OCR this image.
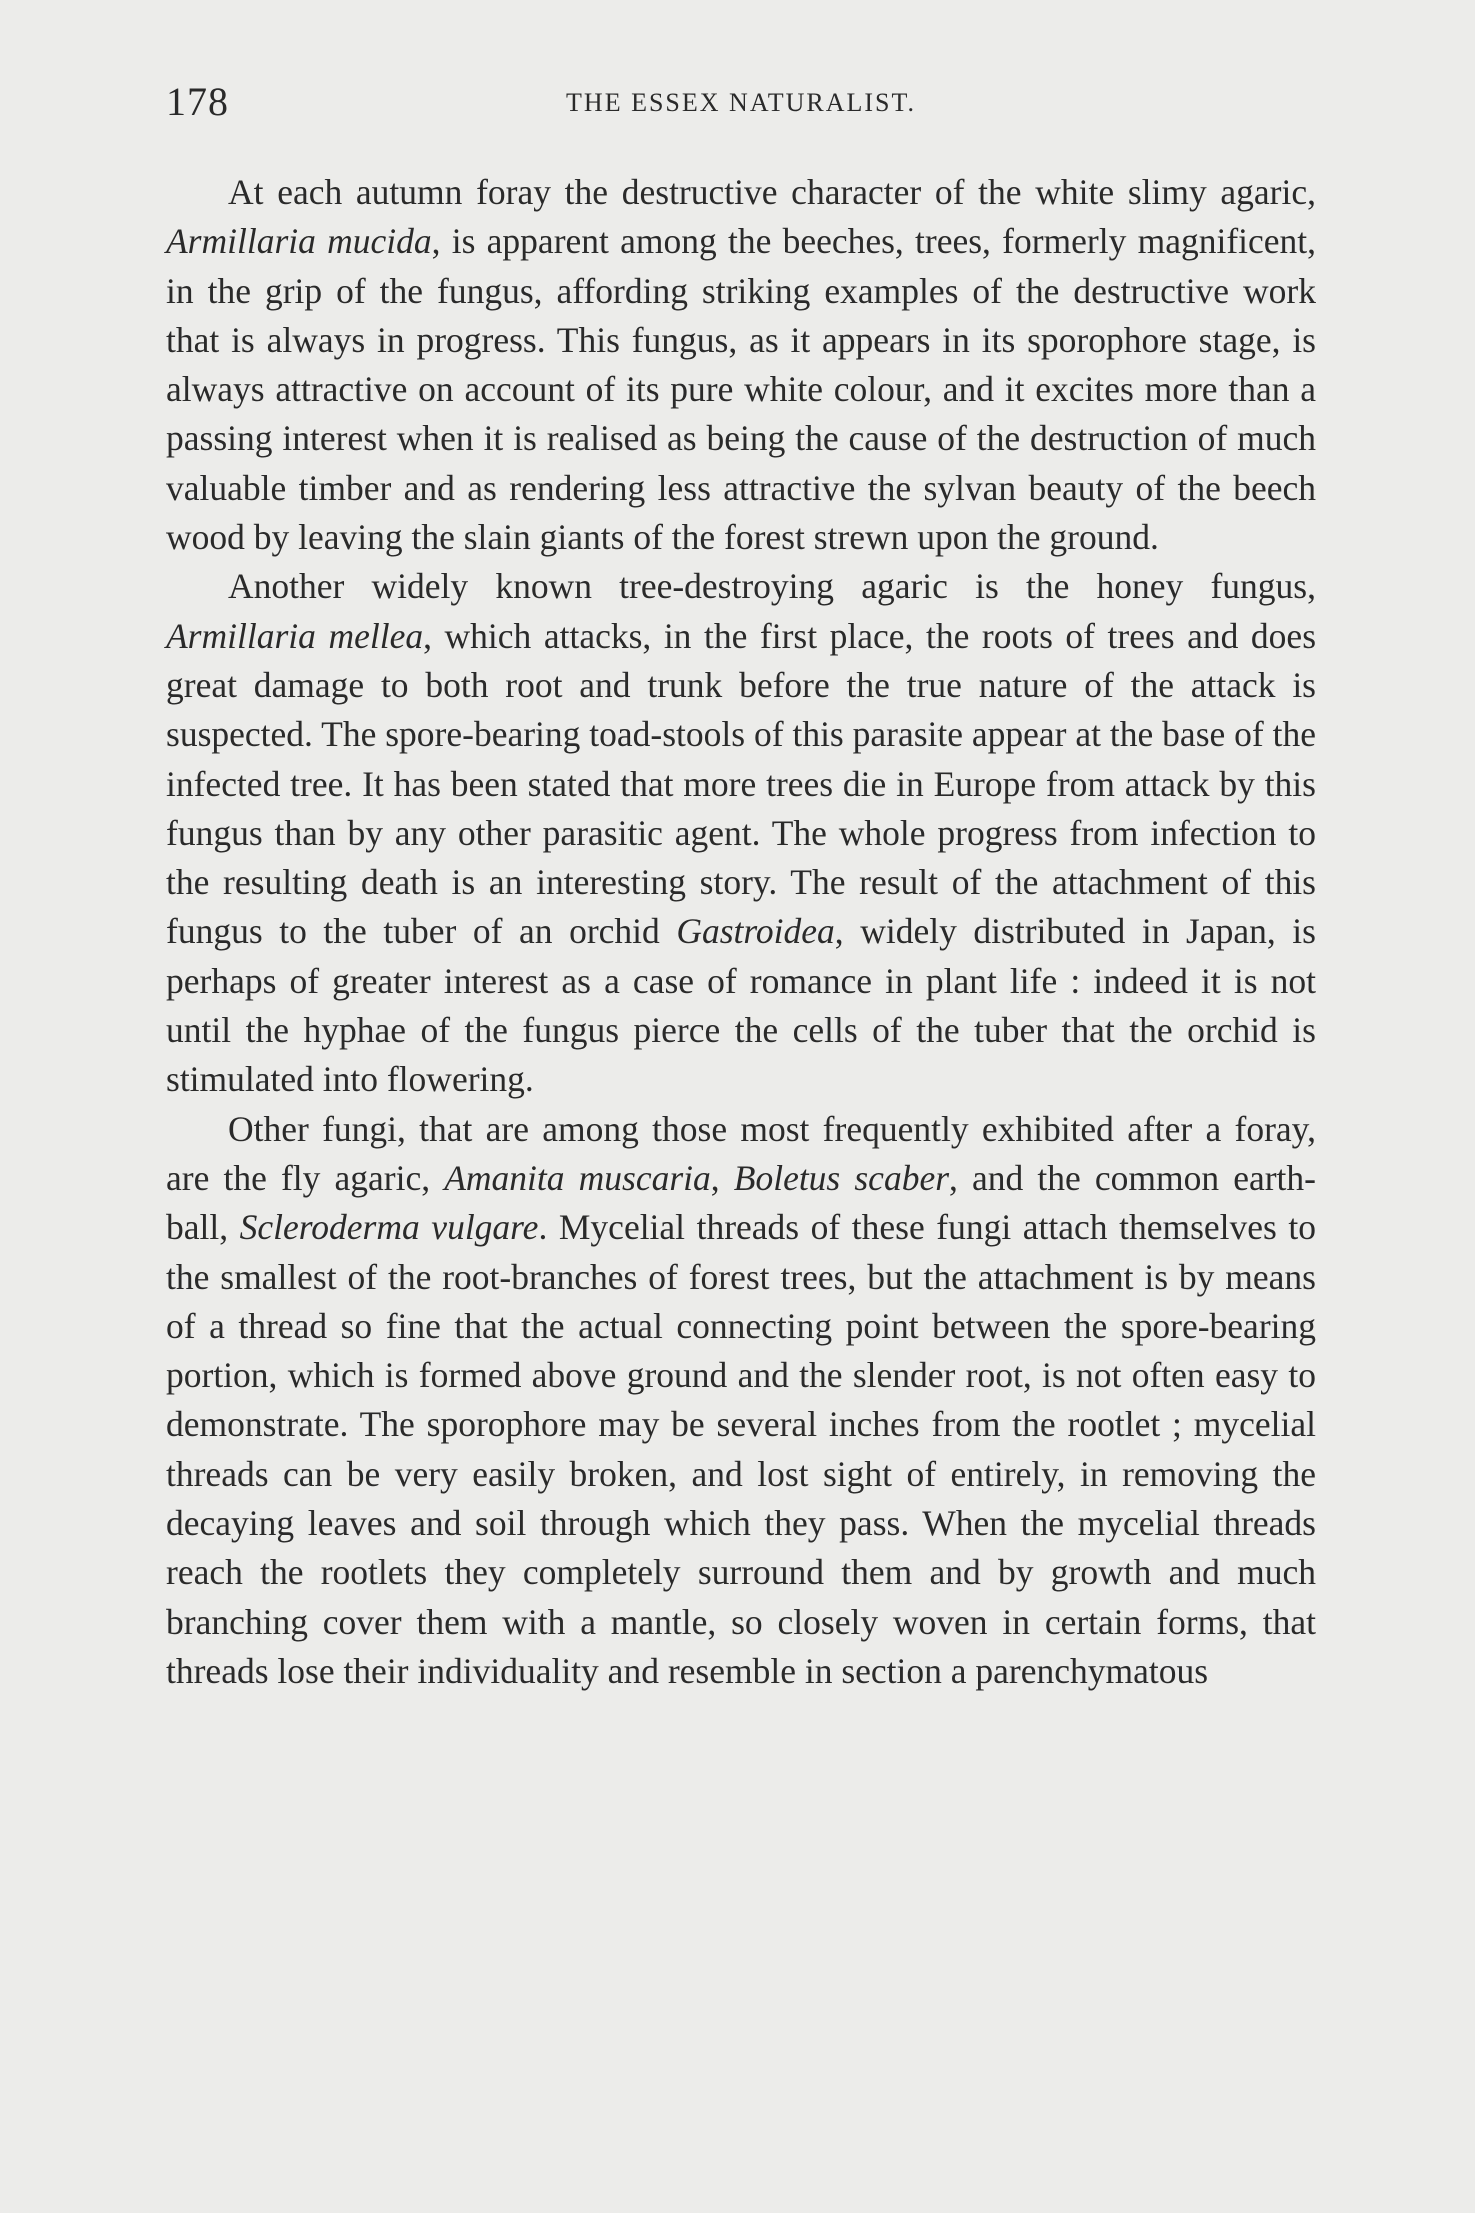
178	THE ESSEX NATURALIST.

At each autumn foray the destructive character of the white slimy agaric, Armillaria mucida, is apparent among the beeches, trees, formerly magnificent, in the grip of the fungus, affording striking examples of the destructive work that is always in progress. This fungus, as it appears in its sporophore stage, is always attractive on account of its pure white colour, and it excites more than a passing interest when it is realised as being the cause of the destruction of much valuable timber and as rendering less attractive the sylvan beauty of the beech wood by leaving the slain giants of the forest strewn upon the ground.

Another widely known tree-destroying agaric is the honey fungus, Armillaria mellea, which attacks, in the first place, the roots of trees and does great damage to both root and trunk before the true nature of the attack is suspected. The spore-bearing toad-stools of this parasite appear at the base of the infected tree. It has been stated that more trees die in Europe from attack by this fungus than by any other parasitic agent. The whole progress from infection to the resulting death is an interesting story. The result of the attachment of this fungus to the tuber of an orchid Gastroidea, widely distributed in Japan, is perhaps of greater interest as a case of romance in plant life : indeed it is not until the hyphae of the fungus pierce the cells of the tuber that the orchid is stimulated into flowering.

Other fungi, that are among those most frequently exhibited after a foray, are the fly agaric, Amanita muscaria, Boletus scaber, and the common earth-ball, Scleroderma vulgare. Mycelial threads of these fungi attach themselves to the smallest of the root-branches of forest trees, but the attachment is by means of a thread so fine that the actual connecting point between the spore-bearing portion, which is formed above ground and the slender root, is not often easy to demonstrate. The sporophore may be several inches from the rootlet ; mycelial threads can be very easily broken, and lost sight of entirely, in removing the decaying leaves and soil through which they pass. When the mycelial threads reach the rootlets they completely surround them and by growth and much branching cover them with a mantle, so closely woven in certain forms, that threads lose their individuality and resemble in section a parenchymatous
